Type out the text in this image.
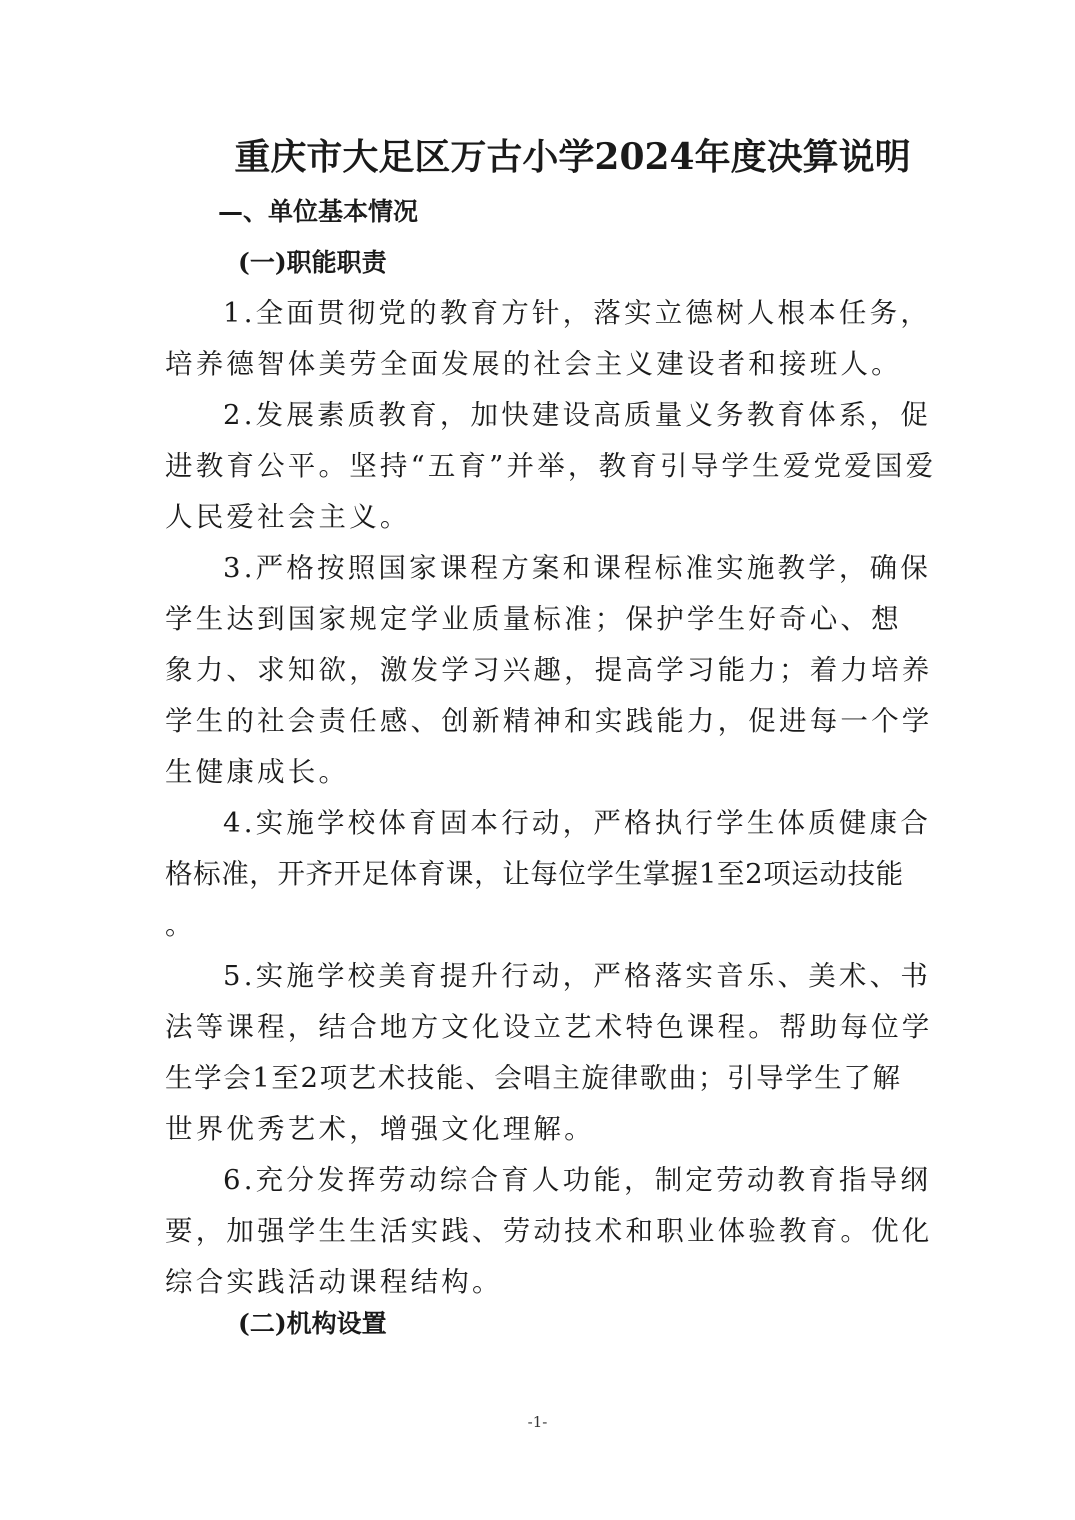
重庆市大足区万古小学2024年度决算说明
—、单位基本情况
(一)职能职责
1.全面贯彻党的教育方针，落实立德树人根本任务，
培养德智体美劳全面发展的社会主义建设者和接班人。
2.发展素质教育，加快建设高质量义务教育体系，促
进教育公平。坚持“五育”并举，教育引导学生爱党爱国爱
人民爱社会主义。
3.严格按照国家课程方案和课程标准实施教学，确保
学生达到国家规定学业质量标准；保护学生好奇心、想
象力、求知欲，激发学习兴趣，提高学习能力；着力培养
学生的社会责任感、创新精神和实践能力，促进每一个学
生健康成长。
4.实施学校体育固本行动，严格执行学生体质健康合
格标准，开齐开足体育课，让每位学生掌握1至2项运动技能
。
5.实施学校美育提升行动，严格落实音乐、美术、书
法等课程，结合地方文化设立艺术特色课程。帮助每位学
生学会1至2项艺术技能、会唱主旋律歌曲；引导学生了解
世界优秀艺术，增强文化理解。
6.充分发挥劳动综合育人功能，制定劳动教育指导纲
要，加强学生生活实践、劳动技术和职业体验教育。优化
综合实践活动课程结构。
(二)机构设置
-1-
